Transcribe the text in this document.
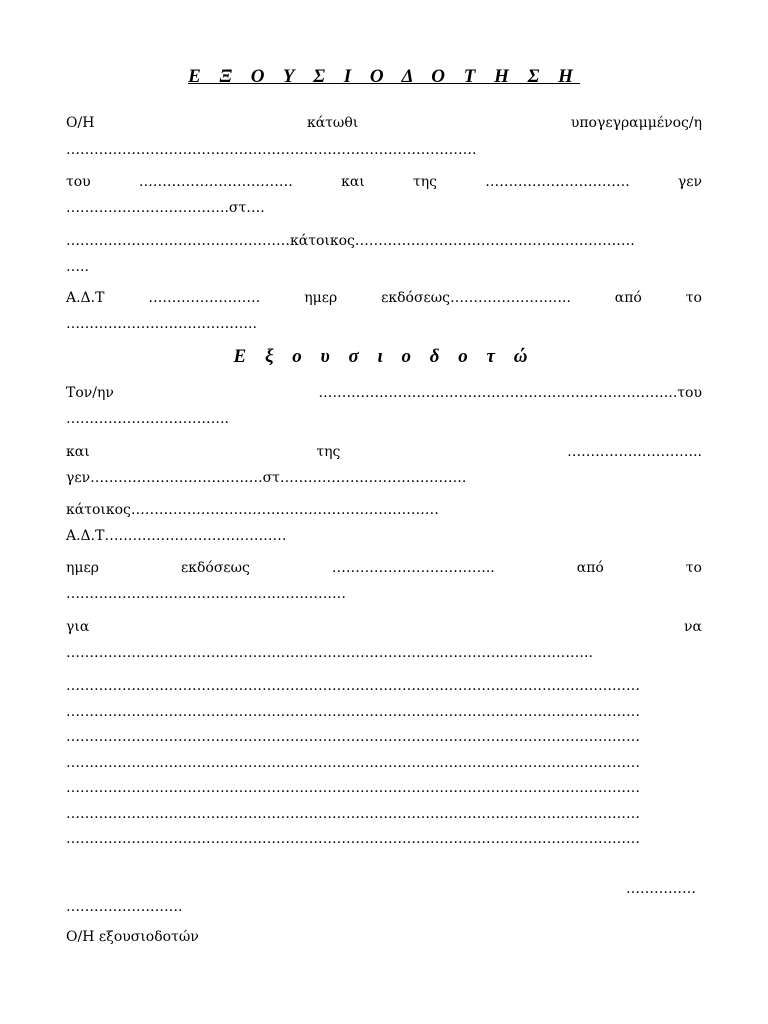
Ε Ξ Ο Υ Σ Ι Ο Δ Ο Τ Η Σ Η
Ο/Η	κάτωθι	υπογεγραμμένος/η
…………………………………………………………………………….
του	……………………………	και	της	………………………….	γεν
……………………………..στ….
…………………………………………κάτοικος……………………………………………………
…..
Α.Δ.Τ	……………………	ημερ	εκδόσεως……………………..	από	το
…………………………………..
Ε ξ ο υ σ ι ο δ ο τ ώ
Τον/ην	…………………………………………………………………..του
……………………………..
και	της	………………………..
γεν……………………………….στ………………………………….
κάτοικος…………………………………………………………
Α.Δ.Τ…………………………………
ημερ	εκδόσεως	……………………………..	από	το
……………………………………………………
για	να
…………………………………………………………………………………………………..
……………………………………………………………………………………………………………
……………………………………………………………………………………………………………
……………………………………………………………………………………………………………
……………………………………………………………………………………………………………
……………………………………………………………………………………………………………
……………………………………………………………………………………………………………
……………………………………………………………………………………………………………
……………
…………………….
Ο/Η εξουσιοδοτών
